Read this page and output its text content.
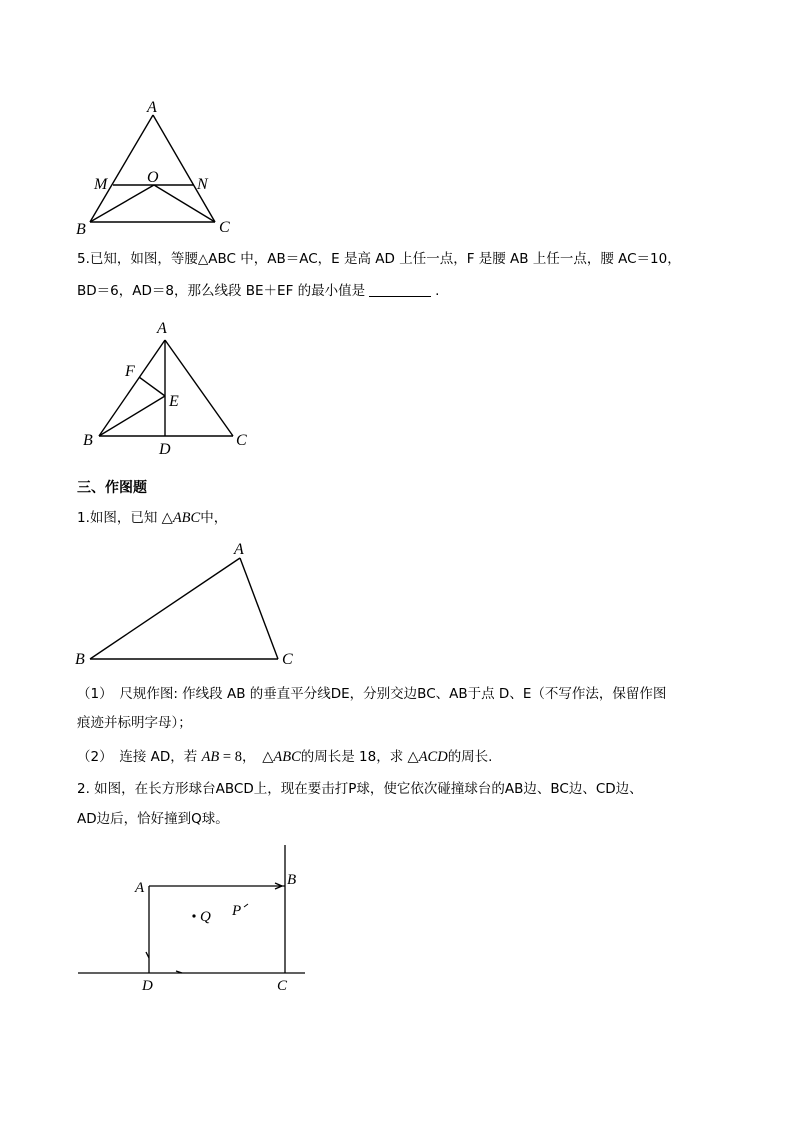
A
M O N
B	C
5.已知，如图，等腰△ABC 中，AB＝AC，E 是高 AD 上任一点，F 是腰 AB 上任一点，腰 AC＝10，
BD＝6，AD＝8，那么线段 BE＋EF 的最小值是	.
A
F
E
B
D
C
三、作图题
1.如图，已知 △ABC中，
A
B	C
（1）　尺规作图: 作线段 AB 的垂直平分线DE，分别交边BC、AB于点 D、E（不写作法，保留作图
痕迹并标明字母）；
（2）　连接 AD，若 AB = 8，　△ABC的周长是 18，求 △ACD的周长.
2. 如图，在长方形球台ABCD上，现在要击打P球，使它依次碰撞球台的AB边、BC边、CD边、
AD边后，恰好撞到Q球。
Q P
A	B
D	C
